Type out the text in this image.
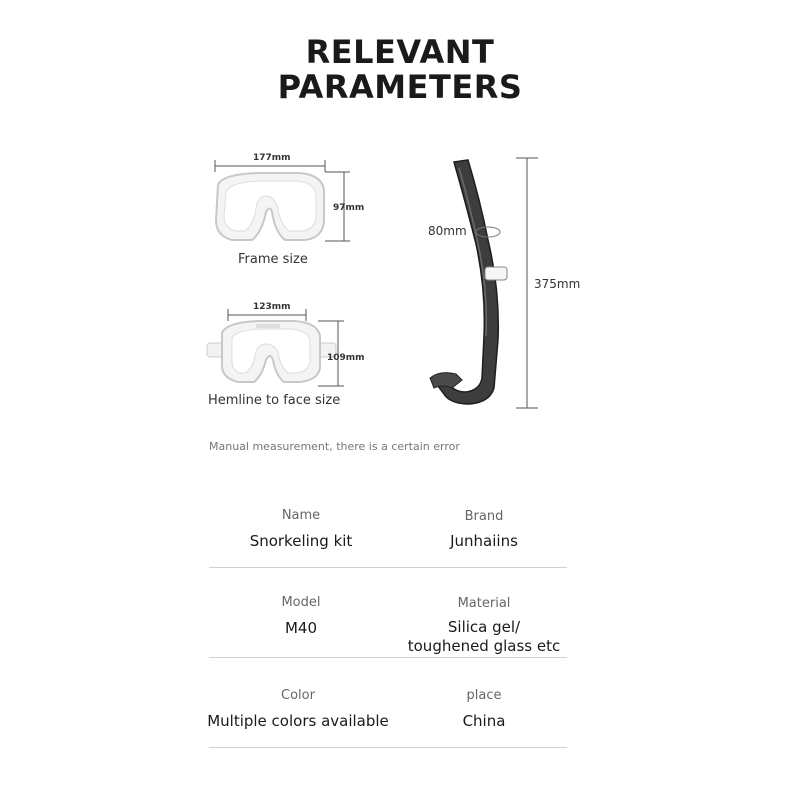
RELEVANT
PARAMETERS
177mm
97mm
Frame size
123mm
109mm
Hemline to face size
80mm
375mm
Manual measurement, there is a certain error
Name
Snorkeling kit
Brand
Junhaiins
Model
M40
Material
Silica gel/
toughened glass etc
Color
Multiple colors available
place
China
